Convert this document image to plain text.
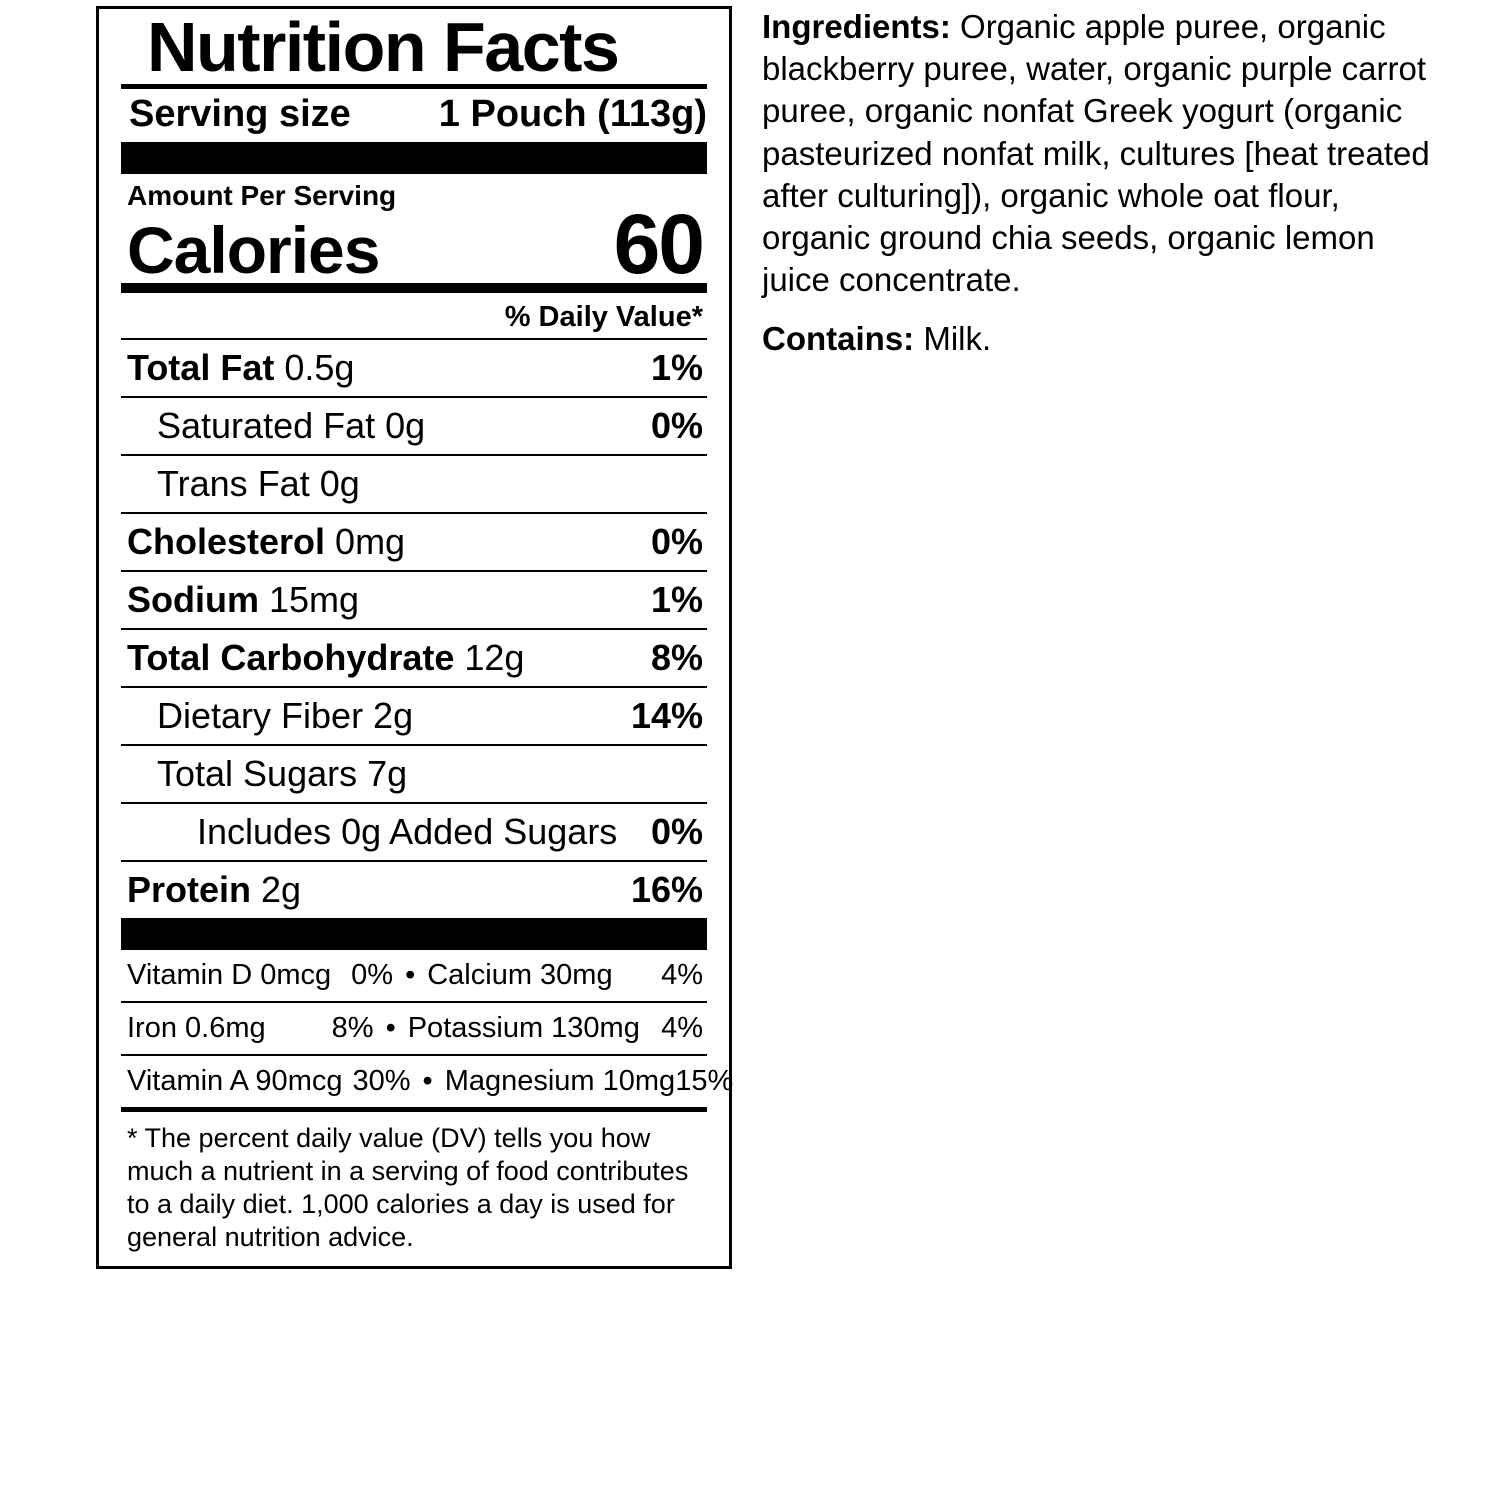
Nutrition Facts
Serving size 1 Pouch (113g)
Amount Per Serving
Calories	60
% Daily Value*
Total Fat 0.5g	1%
Saturated Fat 0g	0%
Trans Fat 0g
Cholesterol 0mg	0%
Sodium 15mg	1%
Total Carbohydrate 12g	8%
Dietary Fiber 2g	14%
Total Sugars 7g
Includes 0g Added Sugars 0%
Protein 2g	16%
Vitamin D 0mcg 0% • Calcium 30mg 4%
Iron 0.6mg 8% • Potassium 130mg 4%
Vitamin A 90mcg 30% • Magnesium 10mg 15%
* The percent daily value (DV) tells you how much a nutrient in a serving of food contributes to a daily diet. 1,000 calories a day is used for general nutrition advice.

Ingredients: Organic apple puree, organic blackberry puree, water, organic purple carrot puree, organic nonfat Greek yogurt (organic pasteurized nonfat milk, cultures [heat treated after culturing]), organic whole oat flour, organic ground chia seeds, organic lemon juice concentrate.

Contains: Milk.
